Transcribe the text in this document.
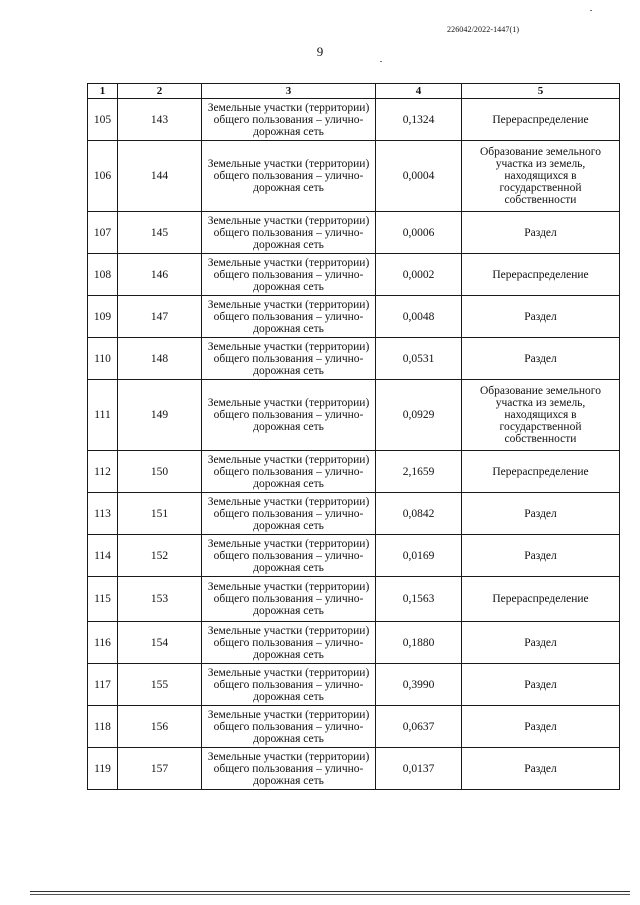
226042/2022-1447(1)
9
1	2	3	4	5
105	143	Земельные участки (территории) общего пользования – улично-дорожная сеть	0,1324	Перераспределение
106	144	Земельные участки (территории) общего пользования – улично-дорожная сеть	0,0004	Образование земельного участка из земель, находящихся в государственной собственности
107	145	Земельные участки (территории) общего пользования – улично-дорожная сеть	0,0006	Раздел
108	146	Земельные участки (территории) общего пользования – улично-дорожная сеть	0,0002	Перераспределение
109	147	Земельные участки (территории) общего пользования – улично-дорожная сеть	0,0048	Раздел
110	148	Земельные участки (территории) общего пользования – улично-дорожная сеть	0,0531	Раздел
111	149	Земельные участки (территории) общего пользования – улично-дорожная сеть	0,0929	Образование земельного участка из земель, находящихся в государственной собственности
112	150	Земельные участки (территории) общего пользования – улично-дорожная сеть	2,1659	Перераспределение
113	151	Земельные участки (территории) общего пользования – улично-дорожная сеть	0,0842	Раздел
114	152	Земельные участки (территории) общего пользования – улично-дорожная сеть	0,0169	Раздел
115	153	Земельные участки (территории) общего пользования – улично-дорожная сеть	0,1563	Перераспределение
116	154	Земельные участки (территории) общего пользования – улично-дорожная сеть	0,1880	Раздел
117	155	Земельные участки (территории) общего пользования – улично-дорожная сеть	0,3990	Раздел
118	156	Земельные участки (территории) общего пользования – улично-дорожная сеть	0,0637	Раздел
119	157	Земельные участки (территории) общего пользования – улично-дорожная сеть	0,0137	Раздел
